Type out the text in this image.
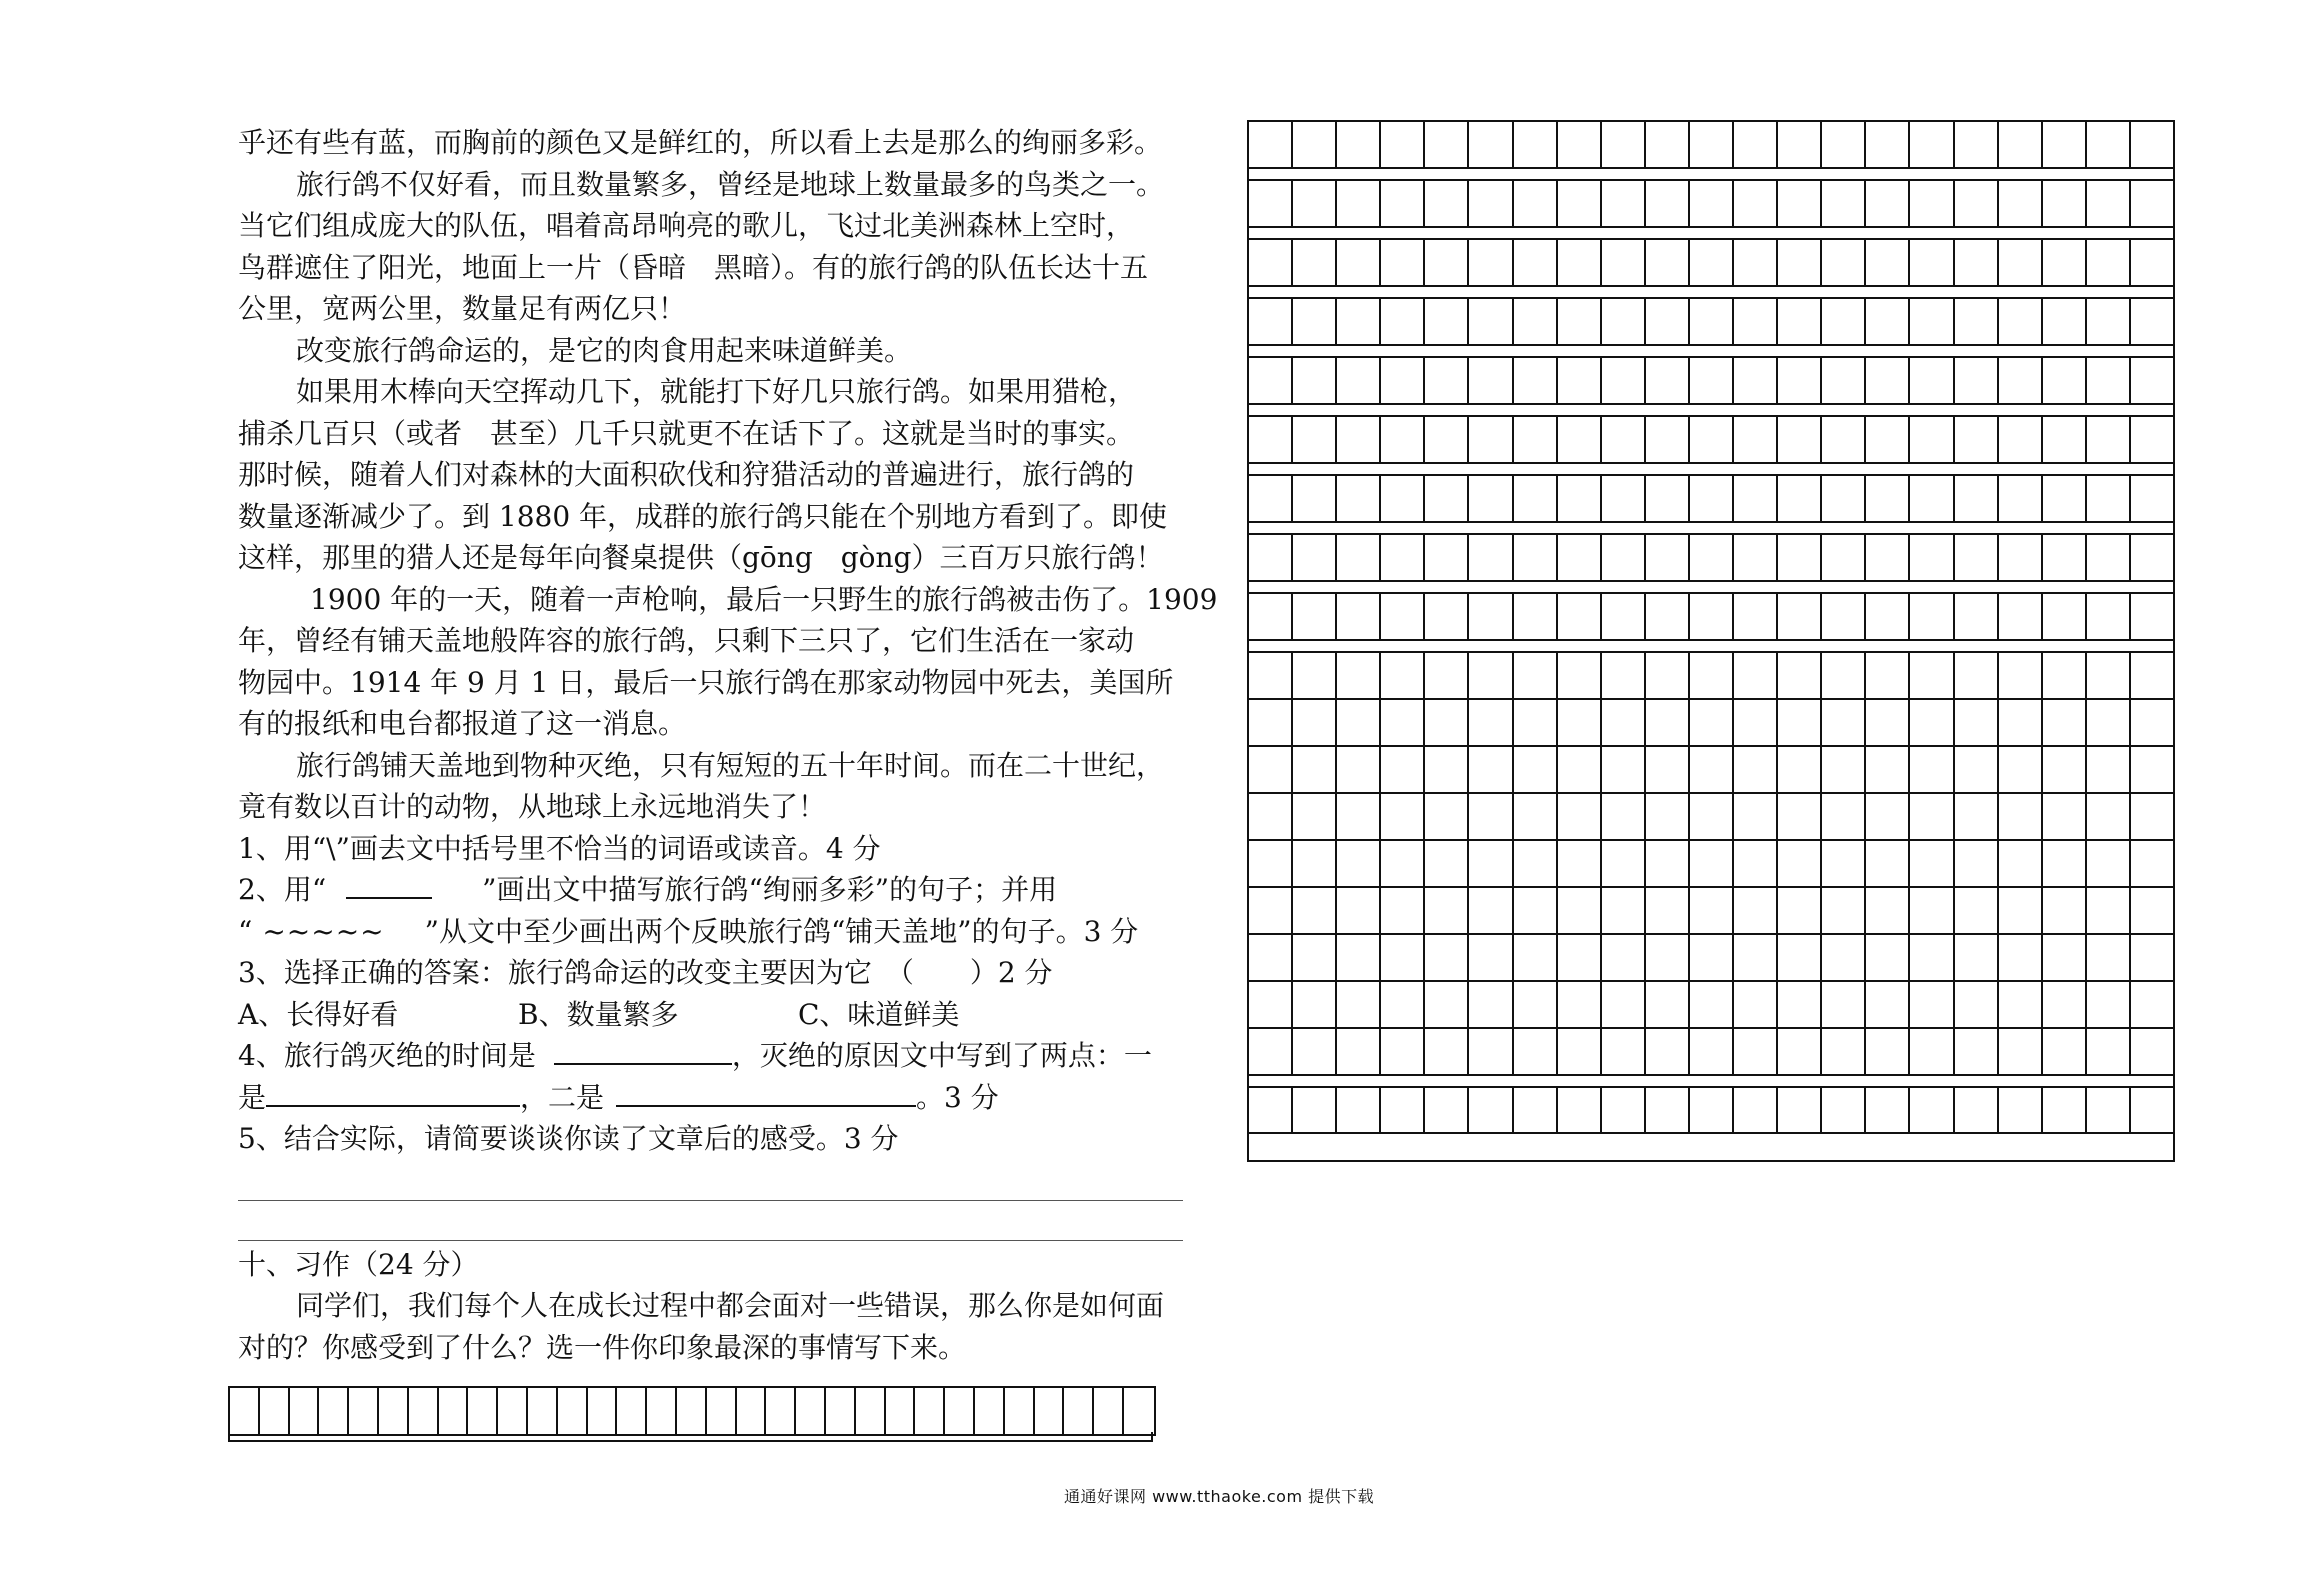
乎还有些有蓝，而胸前的颜色又是鲜红的，所以看上去是那么的绚丽多彩。

旅行鸽不仅好看，而且数量繁多，曾经是地球上数量最多的鸟类之一。

当它们组成庞大的队伍，唱着高昂响亮的歌儿，飞过北美洲森林上空时，

鸟群遮住了阳光，地面上一片（昏暗　黑暗）。有的旅行鸽的队伍长达十五

公里，宽两公里，数量足有两亿只！

改变旅行鸽命运的，是它的肉食用起来味道鲜美。

如果用木棒向天空挥动几下，就能打下好几只旅行鸽。如果用猎枪，

捕杀几百只（或者　甚至）几千只就更不在话下了。这就是当时的事实。

那时候，随着人们对森林的大面积砍伐和狩猎活动的普遍进行，旅行鸽的

数量逐渐减少了。到 1880 年，成群的旅行鸽只能在个别地方看到了。即使

这样，那里的猎人还是每年向餐桌提供（gōng　gòng）三百万只旅行鸽！

1900 年的一天，随着一声枪响，最后一只野生的旅行鸽被击伤了。1909

年，曾经有铺天盖地般阵容的旅行鸽，只剩下三只了，它们生活在一家动

物园中。1914 年 9 月 1 日，最后一只旅行鸽在那家动物园中死去，美国所

有的报纸和电台都报道了这一消息。

旅行鸽铺天盖地到物种灭绝，只有短短的五十年时间。而在二十世纪，

竟有数以百计的动物，从地球上永远地消失了！

1、用“\”画去文中括号里不恰当的词语或读音。4 分

2、用“	”画出文中描写旅行鸽“绚丽多彩”的句子；并用

“ ~~~~~ ”从文中至少画出两个反映旅行鸽“铺天盖地”的句子。3 分

3、选择正确的答案：旅行鸽命运的改变主要因为它　（　　）2 分

A、长得好看	B、数量繁多	C、味道鲜美

4、旅行鸽灭绝的时间是	，灭绝的原因文中写到了两点：一

是	，二是	。3 分

5、结合实际，请简要谈谈你读了文章后的感受。3 分

十、习作（24 分）

同学们，我们每个人在成长过程中都会面对一些错误，那么你是如何面

对的？你感受到了什么？选一件你印象最深的事情写下来。

通通好课网 www.tthaoke.com 提供下载
